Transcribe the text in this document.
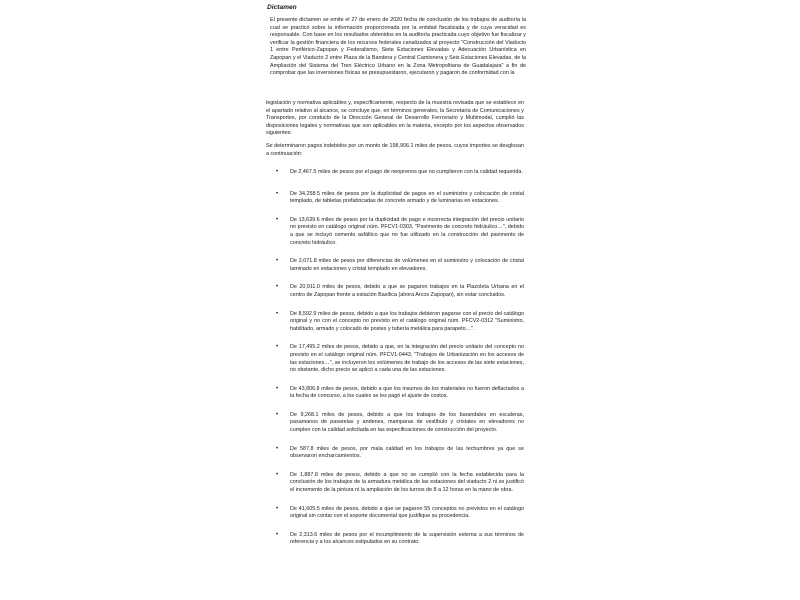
Dictamen
El presente dictamen se emite el 27 de enero de 2020 fecha de conclusión de los trabajos de auditoría la cual se practicó sobre la información proporcionada por la entidad fiscalizada y de cuya veracidad es responsable. Con base en los resultados obtenidos en la auditoría practicada cuyo objetivo fue fiscalizar y verificar la gestión financiera de los recursos federales canalizados al proyecto "Construcción del Viaducto 1 entre Periférico-Zapopan y Federalismo, Siete Estaciones Elevadas y Adecuación Urbanística en Zapopan y el Viaducto 2 entre Plaza de la Bandera y Central Camionera y Seis Estaciones Elevadas, de la Ampliación del Sistema del Tren Eléctrico Urbano en la Zona Metropolitana de Guadalajara" a fin de comprobar que las inversiones físicas se presupuestaron, ejecutaron y pagaron de conformidad con la
legislación y normativa aplicables y, específicamente, respecto de la muestra revisada que se establece en el apartado relativo al alcance, se concluye que, en términos generales, la Secretaría de Comunicaciones y Transportes, por conducto de la Dirección General de Desarrollo Ferroviario y Multimodal, cumplió las disposiciones legales y normativas que son aplicables en la materia, excepto por los aspectos observados siguientes:
Se determinaron pagos indebidos por un monto de 198,906.1 miles de pesos, cuyos importes se desglosan a continuación:
• De 2,467.5 miles de pesos por el pago de neoprenos que no cumplieron con la calidad requerida.
• De 34,258.5 miles de pesos por la duplicidad de pagos en el suministro y colocación de cristal templado, de tabletas prefabricadas de concreto armado y de luminarias en estaciones.
• De 13,639.6 miles de pesos por la duplicidad de pago e incorrecta integración del precio unitario no previsto en catálogo original núm. PFCV1-0303, "Pavimento de concreto hidráulico…", debido a que se incluyó cemento asfáltico que no fue utilizado en la construcción del pavimento de concreto hidráulico.
• De 2,071.8 miles de pesos por diferencias de volúmenes en el suministro y colocación de cristal laminado en estaciones y cristal templado en elevadores.
• De 20,911.0 miles de pesos, debido a que se pagaron trabajos en la Plazoleta Urbana en el centro de Zapopan frente a estación Basílica (ahora Arcos Zapopan), sin estar concluidos.
• De 8,592.9 miles de pesos, debido a que los trabajos debieron pagarse con el precio del catálogo original y no con el concepto no previsto en el catálogo original núm. PFCV2-0312 "Suministro, habilitado, armado y colocado de postes y tubería metálica para parapeto…".
• De 17,495.2 miles de pesos, debido a que, en la integración del precio unitario del concepto no previsto en el catálogo original núm. PFCV1-0443, "Trabajos de Urbanización en los accesos de las estaciones…", se incluyeron los volúmenes de trabajo de los accesos de las siete estaciones, no obstante, dicho precio se aplicó a cada una de las estaciones.
• De 43,806.8 miles de pesos, debido a que los insumos de los materiales no fueron deflactados a la fecha de concurso, a los cuales se les pagó el ajuste de costos.
• De 9,268.1 miles de pesos, debido a que los trabajos de los barandales en escaleras, pasamanos de pasarelas y andenes, mamparas de vestíbulo y cristales en elevadores no cumplen con la calidad solicitada en las especificaciones de construcción del proyecto.
• De 587.8 miles de pesos, por mala calidad en los trabajos de las techumbres ya que se observaron encharcamientos.
• De 1,887.8 miles de pesos, debido a que no se cumplió con la fecha establecida para la conclusión de los trabajos de la armadura metálica de las estaciones del viaducto 2 ni se justificó el incremento de la pintura ni la ampliación de los turnos de 8 a 12 horas en la mano de obra.
• De 41,605.5 miles de pesos, debido a que se pagaron 55 conceptos no previstos en el catálogo original sin contar con el soporte documental que justifique su procedencia.
• De 2,313.6 miles de pesos por el incumplimiento de la supervisión externa a sus términos de referencia y a los alcances estipulados en su contrato.
